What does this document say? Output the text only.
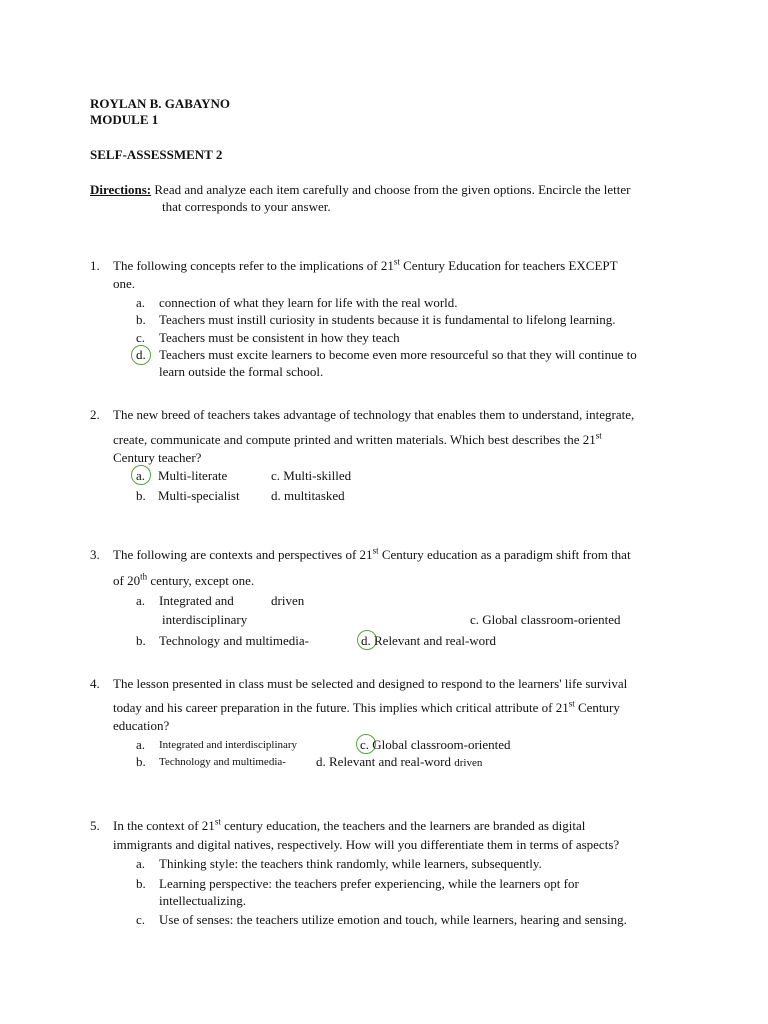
ROYLAN B. GABAYNO
MODULE 1
SELF-ASSESSMENT 2
Directions: Read and analyze each item carefully and choose from the given options. Encircle the letter
that corresponds to your answer.
1. The following concepts refer to the implications of 21st Century Education for teachers EXCEPT
one.
a. connection of what they learn for life with the real world.
b. Teachers must instill curiosity in students because it is fundamental to lifelong learning.
c. Teachers must be consistent in how they teach
d. Teachers must excite learners to become even more resourceful so that they will continue to
learn outside the formal school.
2. The new breed of teachers takes advantage of technology that enables them to understand, integrate,
create, communicate and compute printed and written materials. Which best describes the 21st
Century teacher?
a. Multi-literate	c. Multi-skilled
b. Multi-specialist d. multitasked
3. The following are contexts and perspectives of 21st Century education as a paradigm shift from that
of 20th century, except one.
a. Integrated and	driven
interdisciplinary	c. Global classroom-oriented
b. Technology and multimedia-	d. Relevant and real-word
4. The lesson presented in class must be selected and designed to respond to the learners' life survival
today and his career preparation in the future. This implies which critical attribute of 21st Century
education?
a. Integrated and interdisciplinary	c. Global classroom-oriented
b. Technology and multimedia- d. Relevant and real-word driven
5. In the context of 21st century education, the teachers and the learners are branded as digital
immigrants and digital natives, respectively. How will you differentiate them in terms of aspects?
a. Thinking style: the teachers think randomly, while learners, subsequently.
b. Learning perspective: the teachers prefer experiencing, while the learners opt for
intellectualizing.
c. Use of senses: the teachers utilize emotion and touch, while learners, hearing and sensing.
